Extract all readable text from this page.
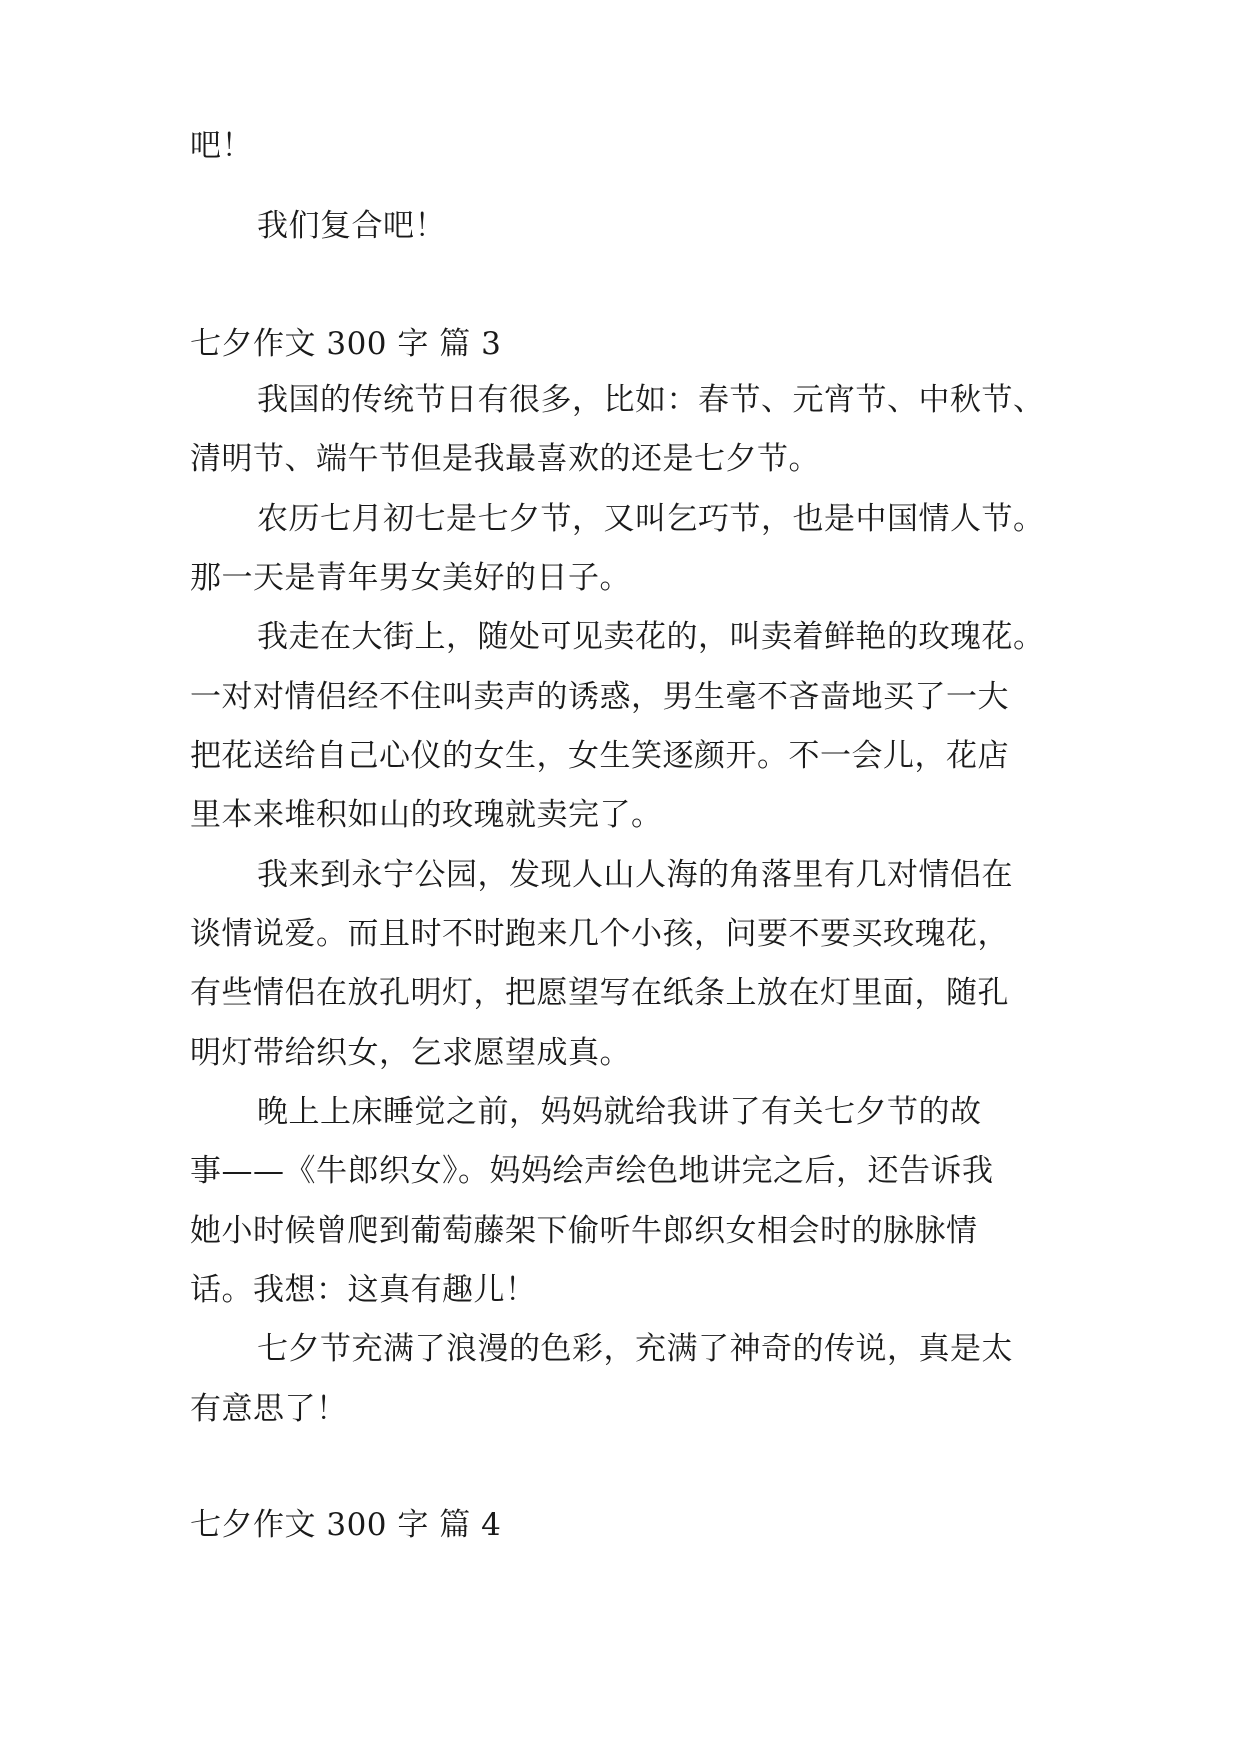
吧！
我们复合吧！
七夕作文 300 字 篇 3
我国的传统节日有很多，比如：春节、元宵节、中秋节、
清明节、端午节但是我最喜欢的还是七夕节。
农历七月初七是七夕节，又叫乞巧节，也是中国情人节。
那一天是青年男女美好的日子。
我走在大街上，随处可见卖花的，叫卖着鲜艳的玫瑰花。
一对对情侣经不住叫卖声的诱惑，男生毫不吝啬地买了一大
把花送给自己心仪的女生，女生笑逐颜开。不一会儿，花店
里本来堆积如山的玫瑰就卖完了。
我来到永宁公园，发现人山人海的角落里有几对情侣在
谈情说爱。而且时不时跑来几个小孩，问要不要买玫瑰花，
有些情侣在放孔明灯，把愿望写在纸条上放在灯里面，随孔
明灯带给织女，乞求愿望成真。
晚上上床睡觉之前，妈妈就给我讲了有关七夕节的故
事——《牛郎织女》。妈妈绘声绘色地讲完之后，还告诉我
她小时候曾爬到葡萄藤架下偷听牛郎织女相会时的脉脉情
话。我想：这真有趣儿！
七夕节充满了浪漫的色彩，充满了神奇的传说，真是太
有意思了！
七夕作文 300 字 篇 4
